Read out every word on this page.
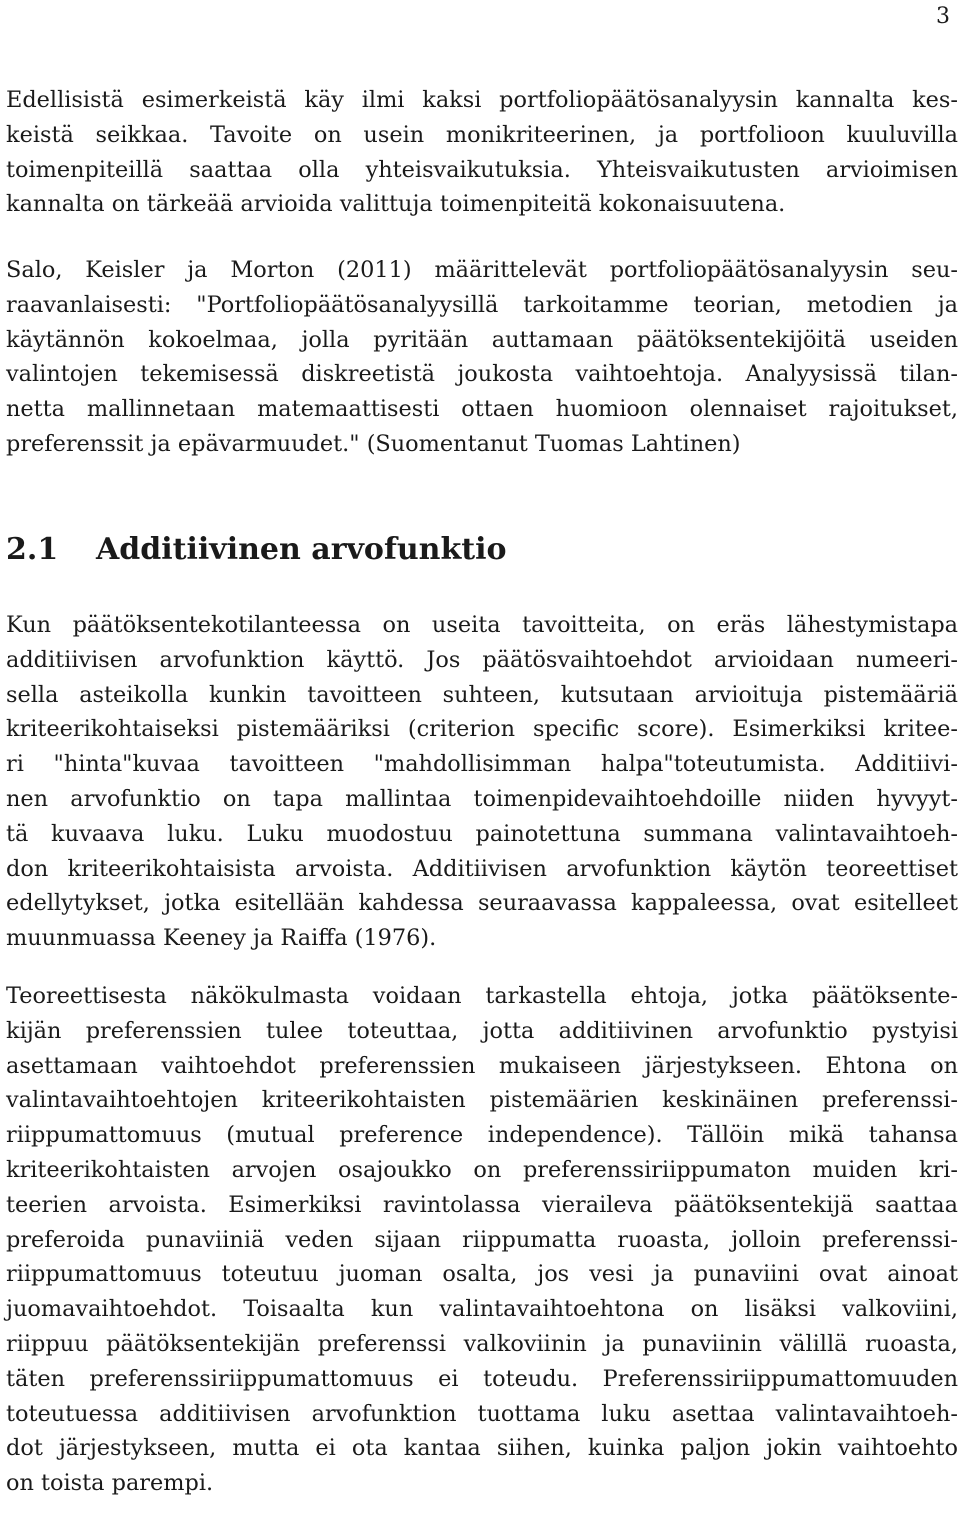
3
Edellisistä esimerkeistä käy ilmi kaksi portfoliopäätösanalyysin kannalta kes-
keistä seikkaa. Tavoite on usein monikriteerinen, ja portfolioon kuuluvilla
toimenpiteillä saattaa olla yhteisvaikutuksia. Yhteisvaikutusten arvioimisen
kannalta on tärkeää arvioida valittuja toimenpiteitä kokonaisuutena.
Salo, Keisler ja Morton (2011) määrittelevät portfoliopäätösanalyysin seu-
raavanlaisesti: "Portfoliopäätösanalyysillä tarkoitamme teorian, metodien ja
käytännön kokoelmaa, jolla pyritään auttamaan päätöksentekijöitä useiden
valintojen tekemisessä diskreetistä joukosta vaihtoehtoja. Analyysissä tilan-
netta mallinnetaan matemaattisesti ottaen huomioon olennaiset rajoitukset,
preferenssit ja epävarmuudet." (Suomentanut Tuomas Lahtinen)
2.1 Additiivinen arvofunktio
Kun päätöksentekotilanteessa on useita tavoitteita, on eräs lähestymistapa
additiivisen arvofunktion käyttö. Jos päätösvaihtoehdot arvioidaan numeeri-
sella asteikolla kunkin tavoitteen suhteen, kutsutaan arvioituja pistemääriä
kriteerikohtaiseksi pistemääriksi (criterion specific score). Esimerkiksi kritee-
ri "hinta"kuvaa tavoitteen "mahdollisimman halpa"toteutumista. Additiivi-
nen arvofunktio on tapa mallintaa toimenpidevaihtoehdoille niiden hyvyyt-
tä kuvaava luku. Luku muodostuu painotettuna summana valintavaihtoeh-
don kriteerikohtaisista arvoista. Additiivisen arvofunktion käytön teoreettiset
edellytykset, jotka esitellään kahdessa seuraavassa kappaleessa, ovat esitelleet
muunmuassa Keeney ja Raiffa (1976).
Teoreettisesta näkökulmasta voidaan tarkastella ehtoja, jotka päätöksente-
kijän preferenssien tulee toteuttaa, jotta additiivinen arvofunktio pystyisi
asettamaan vaihtoehdot preferenssien mukaiseen järjestykseen. Ehtona on
valintavaihtoehtojen kriteerikohtaisten pistemäärien keskinäinen preferenssi-
riippumattomuus (mutual preference independence). Tällöin mikä tahansa
kriteerikohtaisten arvojen osajoukko on preferenssiriippumaton muiden kri-
teerien arvoista. Esimerkiksi ravintolassa vieraileva päätöksentekijä saattaa
preferoida punaviiniä veden sijaan riippumatta ruoasta, jolloin preferenssi-
riippumattomuus toteutuu juoman osalta, jos vesi ja punaviini ovat ainoat
juomavaihtoehdot. Toisaalta kun valintavaihtoehtona on lisäksi valkoviini,
riippuu päätöksentekijän preferenssi valkoviinin ja punaviinin välillä ruoasta,
täten preferenssiriippumattomuus ei toteudu. Preferenssiriippumattomuuden
toteutuessa additiivisen arvofunktion tuottama luku asettaa valintavaihtoeh-
dot järjestykseen, mutta ei ota kantaa siihen, kuinka paljon jokin vaihtoehto
on toista parempi.
